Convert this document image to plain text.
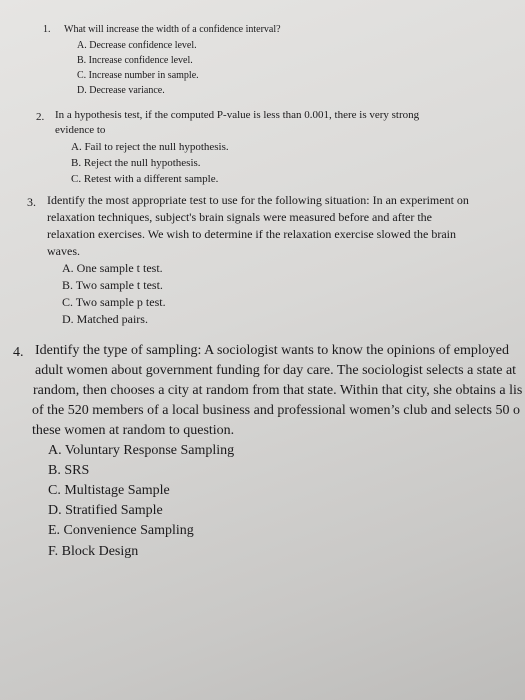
1. What will increase the width of a confidence interval?
A. Decrease confidence level.
B. Increase confidence level.
C. Increase number in sample.
D. Decrease variance.
2. In a hypothesis test, if the computed P-value is less than 0.001, there is very strong
evidence to
A. Fail to reject the null hypothesis.
B. Reject the null hypothesis.
C. Retest with a different sample.
3. Identify the most appropriate test to use for the following situation: In an experiment on
relaxation techniques, subject's brain signals were measured before and after the
relaxation exercises. We wish to determine if the relaxation exercise slowed the brain
waves.
A. One sample t test.
B. Two sample t test.
C. Two sample p test.
D. Matched pairs.
4. Identify the type of sampling: A sociologist wants to know the opinions of employed
adult women about government funding for day care. The sociologist selects a state at
random, then chooses a city at random from that state. Within that city, she obtains a lis
of the 520 members of a local business and professional women’s club and selects 50 o
these women at random to question.
A. Voluntary Response Sampling
B. SRS
C. Multistage Sample
D. Stratified Sample
E. Convenience Sampling
F. Block Design
